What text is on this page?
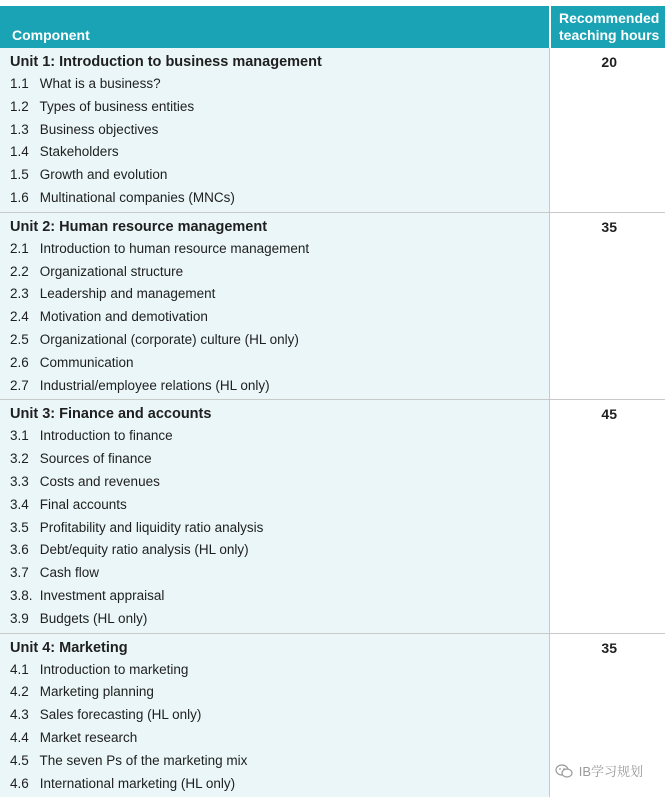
Component
Recommended
teaching hours
Unit 1: Introduction to business management
1.1 What is a business?
1.2 Types of business entities
1.3 Business objectives
1.4 Stakeholders
1.5 Growth and evolution
1.6 Multinational companies (MNCs)
20
Unit 2: Human resource management
2.1 Introduction to human resource management
2.2 Organizational structure
2.3 Leadership and management
2.4 Motivation and demotivation
2.5 Organizational (corporate) culture (HL only)
2.6 Communication
2.7 Industrial/employee relations (HL only)
35
Unit 3: Finance and accounts
3.1 Introduction to finance
3.2 Sources of finance
3.3 Costs and revenues
3.4 Final accounts
3.5 Profitability and liquidity ratio analysis
3.6 Debt/equity ratio analysis (HL only)
3.7 Cash flow
3.8. Investment appraisal
3.9 Budgets (HL only)
45
Unit 4: Marketing
4.1 Introduction to marketing
4.2 Marketing planning
4.3 Sales forecasting (HL only)
4.4 Market research
4.5 The seven Ps of the marketing mix
4.6 International marketing (HL only)
35
IB学习规划
